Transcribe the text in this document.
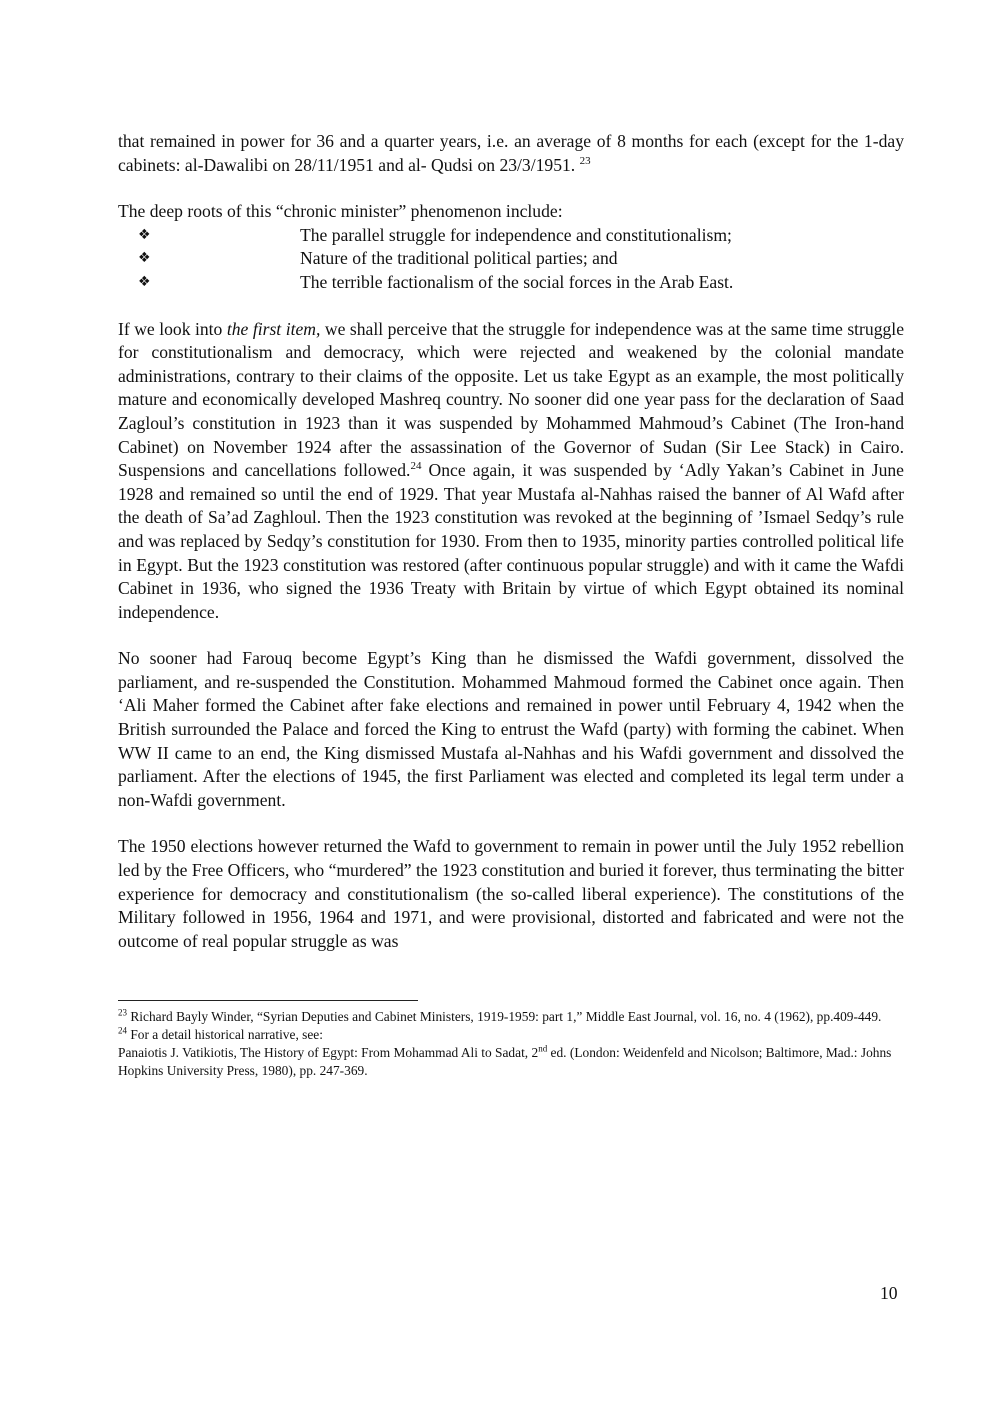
that remained in power for 36 and a quarter years, i.e. an average of 8 months for each (except for the 1-day cabinets: al-Dawalibi on 28/11/1951 and al- Qudsi on 23/3/1951. $^{23}$

The deep roots of this “chronic minister” phenomenon include:

❖	The parallel struggle for independence and constitutionalism;
❖	Nature of the traditional political parties; and
❖	The terrible factionalism of the social forces in the Arab East.

If we look into the first item, we shall perceive that the struggle for independence was at the same time struggle for constitutionalism and democracy, which were rejected and weakened by the colonial mandate administrations, contrary to their claims of the opposite. Let us take Egypt as an example, the most politically mature and economically developed Mashreq country. No sooner did one year pass for the declaration of Saad Zagloul’s constitution in 1923 than it was suspended by Mohammed Mahmoud’s Cabinet (The Iron-hand Cabinet) on November 1924 after the assassination of the Governor of Sudan (Sir Lee Stack) in Cairo. Suspensions and cancellations followed.$^{24}$ Once again, it was suspended by ‘Adly Yakan’s Cabinet in June 1928 and remained so until the end of 1929. That year Mustafa al-Nahhas raised the banner of Al Wafd after the death of Sa’ad Zaghloul. Then the 1923 constitution was revoked at the beginning of ’Ismael Sedqy’s rule and was replaced by Sedqy’s constitution for 1930. From then to 1935, minority parties controlled political life in Egypt. But the 1923 constitution was restored (after continuous popular struggle) and with it came the Wafdi Cabinet in 1936, who signed the 1936 Treaty with Britain by virtue of which Egypt obtained its nominal independence.

No sooner had Farouq become Egypt’s King than he dismissed the Wafdi government, dissolved the parliament, and re-suspended the Constitution. Mohammed Mahmoud formed the Cabinet once again. Then ‘Ali Maher formed the Cabinet after fake elections and remained in power until February 4, 1942 when the British surrounded the Palace and forced the King to entrust the Wafd (party) with forming the cabinet. When WW II came to an end, the King dismissed Mustafa al-Nahhas and his Wafdi government and dissolved the parliament. After the elections of 1945, the first Parliament was elected and completed its legal term under a non-Wafdi government.

The 1950 elections however returned the Wafd to government to remain in power until the July 1952 rebellion led by the Free Officers, who “murdered” the 1923 constitution and buried it forever, thus terminating the bitter experience for democracy and constitutionalism (the so-called liberal experience). The constitutions of the Military followed in 1956, 1964 and 1971, and were provisional, distorted and fabricated and were not the outcome of real popular struggle as was

$^{23}$ Richard Bayly Winder, “Syrian Deputies and Cabinet Ministers, 1919-1959: part 1,” Middle East Journal, vol. 16, no. 4 (1962), pp.409-449.

$^{24}$ For a detail historical narrative, see:

Panaiotis J. Vatikiotis, The History of Egypt: From Mohammad Ali to Sadat, 2nd ed. (London: Weidenfeld and Nicolson; Baltimore, Mad.: Johns Hopkins University Press, 1980), pp. 247-369.

10
